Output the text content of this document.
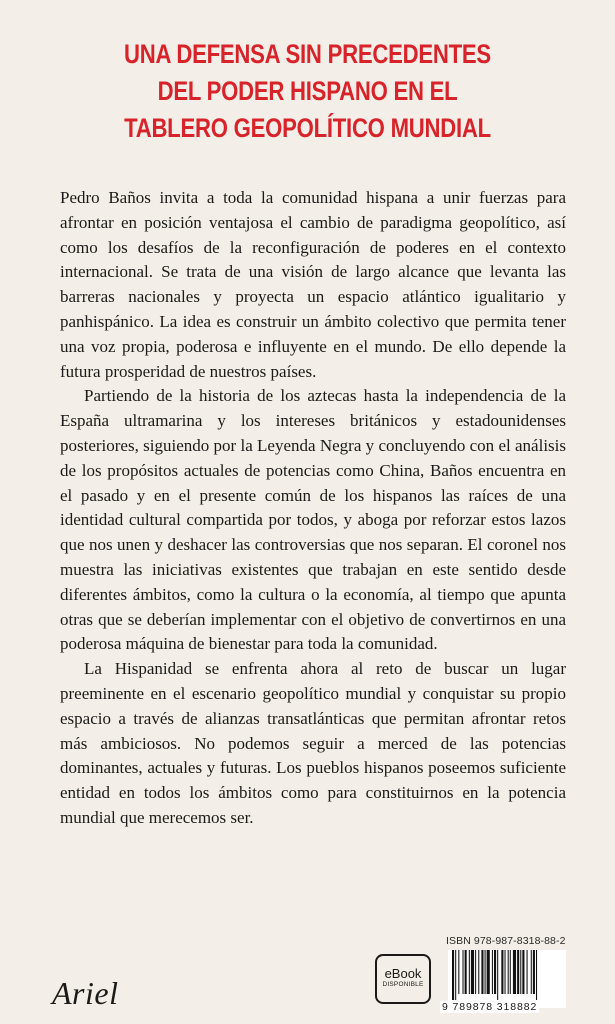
UNA DEFENSA SIN PRECEDENTES
DEL PODER HISPANO EN EL
TABLERO GEOPOLÍTICO MUNDIAL

Pedro Baños invita a toda la comunidad hispana a unir fuerzas para afrontar en posición ventajosa el cambio de paradigma geopolítico, así como los desafíos de la reconfiguración de poderes en el contexto internacional. Se trata de una visión de largo alcance que levanta las barreras nacionales y proyecta un espacio atlántico igualitario y panhispánico. La idea es construir un ámbito colectivo que permita tener una voz propia, poderosa e influyente en el mundo. De ello depende la futura prosperidad de nuestros países.

Partiendo de la historia de los aztecas hasta la independencia de la España ultramarina y los intereses británicos y estadounidenses posteriores, siguiendo por la Leyenda Negra y concluyendo con el análisis de los propósitos actuales de potencias como China, Baños encuentra en el pasado y en el presente común de los hispanos las raíces de una identidad cultural compartida por todos, y aboga por reforzar estos lazos que nos unen y deshacer las controversias que nos separan. El coronel nos muestra las iniciativas existentes que trabajan en este sentido desde diferentes ámbitos, como la cultura o la economía, al tiempo que apunta otras que se deberían implementar con el objetivo de convertirnos en una poderosa máquina de bienestar para toda la comunidad.

La Hispanidad se enfrenta ahora al reto de buscar un lugar preeminente en el escenario geopolítico mundial y conquistar su propio espacio a través de alianzas transatlánticas que permitan afrontar retos más ambiciosos. No podemos seguir a merced de las potencias dominantes, actuales y futuras. Los pueblos hispanos poseemos suficiente entidad en todos los ámbitos como para constituirnos en la potencia mundial que merecemos ser.

ISBN 978-987-8318-88-2
9 789878 318882
eBook
DISPONIBLE
Ariel
